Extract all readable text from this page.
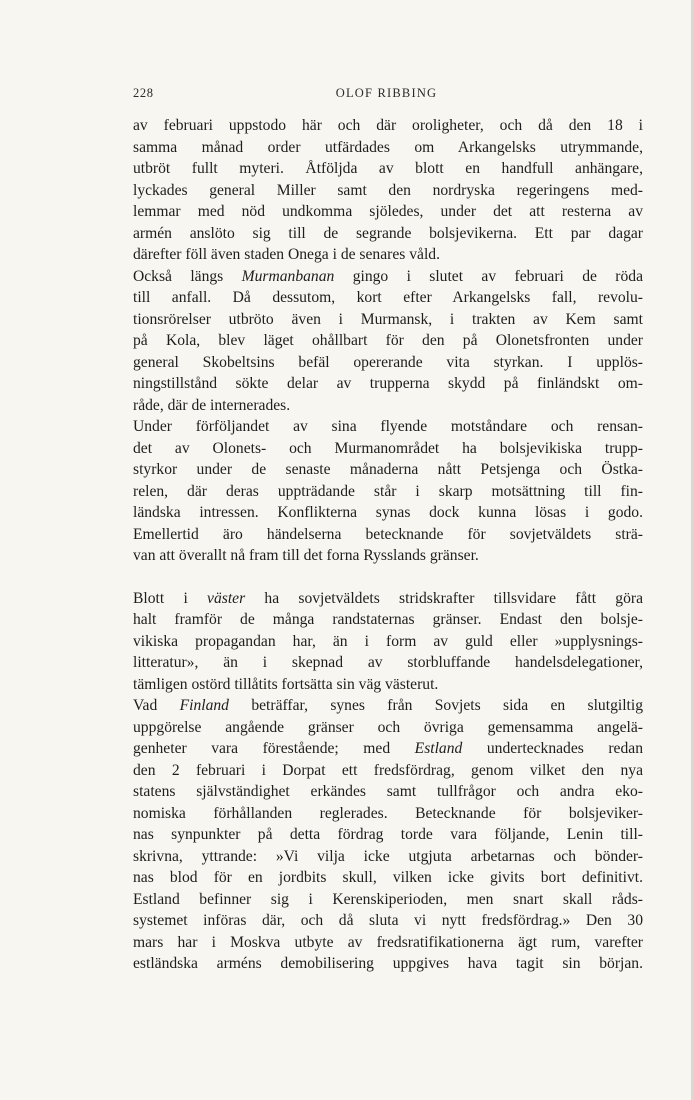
228	OLOF RIBBING
av februari uppstodo här och där oroligheter, och då den 18 i
samma månad order utfärdades om Arkangelsks utrymmande,
utbröt fullt myteri. Åtföljda av blott en handfull anhängare,
lyckades general Miller samt den nordryska regeringens med-
lemmar med nöd undkomma sjöledes, under det att resterna av
armén anslöto sig till de segrande bolsjevikerna. Ett par dagar
därefter föll även staden Onega i de senares våld.
Också längs Murmanbanan gingo i slutet av februari de röda
till anfall. Då dessutom, kort efter Arkangelsks fall, revolu-
tionsrörelser utbröto även i Murmansk, i trakten av Kem samt
på Kola, blev läget ohållbart för den på Olonetsfronten under
general Skobeltsins befäl opererande vita styrkan. I upplös-
ningstillstånd sökte delar av trupperna skydd på finländskt om-
råde, där de internerades.
Under förföljandet av sina flyende motståndare och rensan-
det av Olonets- och Murmanområdet ha bolsjevikiska trupp-
styrkor under de senaste månaderna nått Petsjenga och Östka-
relen, där deras uppträdande står i skarp motsättning till fin-
ländska intressen. Konflikterna synas dock kunna lösas i godo.
Emellertid äro händelserna betecknande för sovjetväldets strä-
van att överallt nå fram till det forna Rysslands gränser.
Blott i väster ha sovjetväldets stridskrafter tillsvidare fått göra
halt framför de många randstaternas gränser. Endast den bolsje-
vikiska propagandan har, än i form av guld eller »upplysnings-
litteratur», än i skepnad av storbluffande handelsdelegationer,
tämligen ostörd tillåtits fortsätta sin väg västerut.
Vad Finland beträffar, synes från Sovjets sida en slutgiltig
uppgörelse angående gränser och övriga gemensamma angelä-
genheter vara förestående; med Estland undertecknades redan
den 2 februari i Dorpat ett fredsfördrag, genom vilket den nya
statens självständighet erkändes samt tullfrågor och andra eko-
nomiska förhållanden reglerades. Betecknande för bolsjeviker-
nas synpunkter på detta fördrag torde vara följande, Lenin till-
skrivna, yttrande: »Vi vilja icke utgjuta arbetarnas och bönder-
nas blod för en jordbits skull, vilken icke givits bort definitivt.
Estland befinner sig i Kerenskiperioden, men snart skall råds-
systemet införas där, och då sluta vi nytt fredsfördrag.» Den 30
mars har i Moskva utbyte av fredsratifikationerna ägt rum, varefter
estländska arméns demobilisering uppgives hava tagit sin början.
